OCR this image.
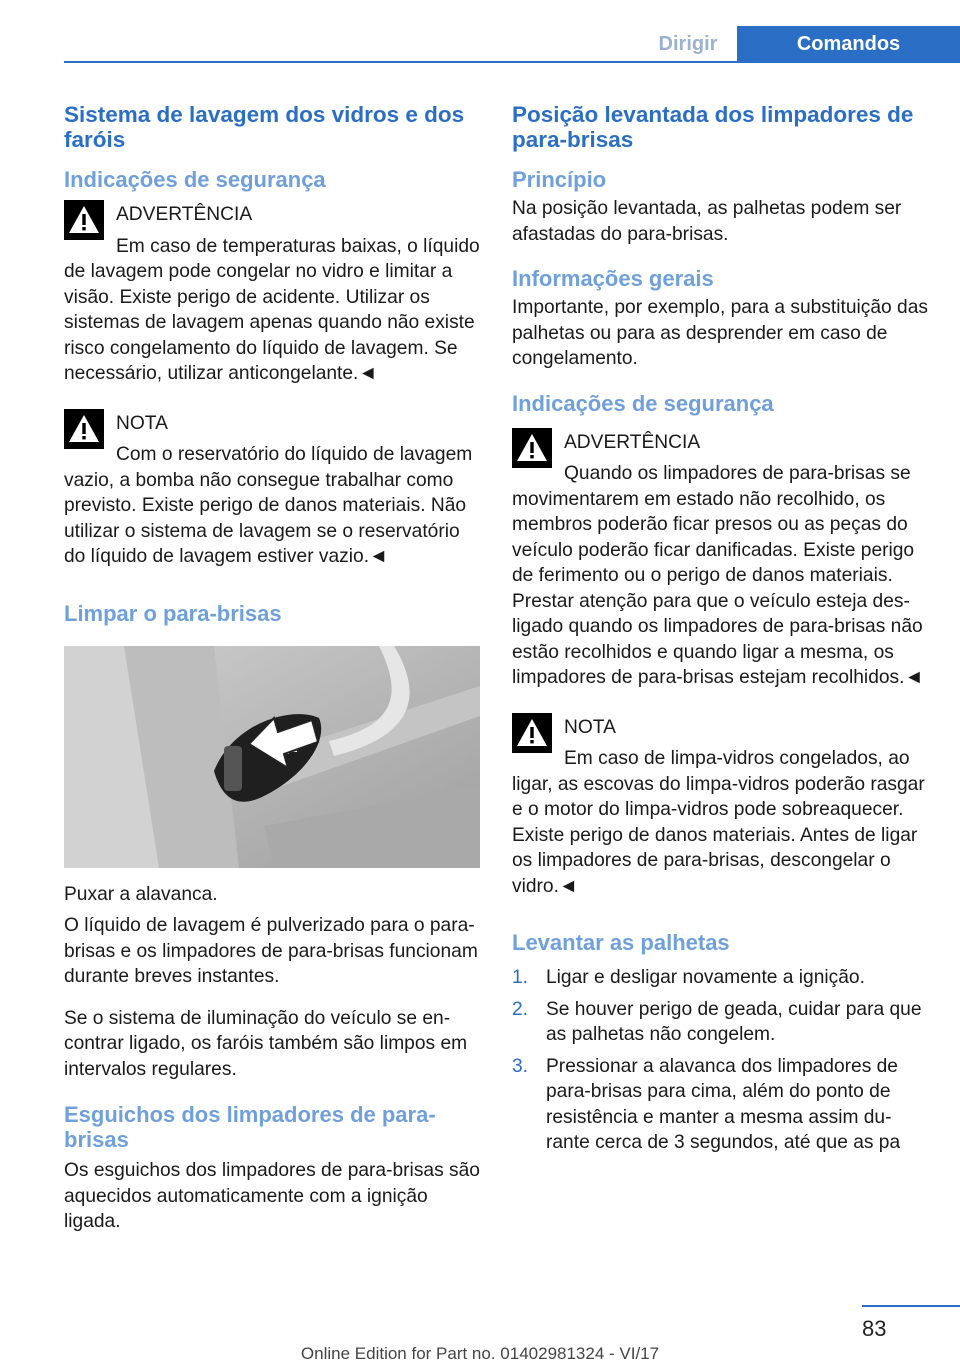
Dirigir	Comandos
Sistema de lavagem dos vidros e dos faróis
Indicações de segurança
ADVERTÊNCIA
Em caso de temperaturas baixas, o líquido de lavagem pode congelar no vidro e limitar a visão. Existe perigo de acidente. Utilizar os sistemas de lavagem apenas quando não existe risco congelamento do líquido de lavagem. Se necessário, utilizar anticongelante.◄
NOTA
Com o reservatório do líquido de lavagem vazio, a bomba não consegue trabalhar como previsto. Existe perigo de danos materiais. Não utilizar o sistema de lavagem se o reservatório do líquido de lavagem estiver vazio.◄
Limpar o para-brisas
Puxar a alavanca.
O líquido de lavagem é pulverizado para o para-brisas e os limpadores de para-brisas funcionam durante breves instantes.
Se o sistema de iluminação do veículo se encontrar ligado, os faróis também são limpos em intervalos regulares.
Esguichos dos limpadores de para-brisas
Os esguichos dos limpadores de para-brisas são aquecidos automaticamente com a ignição ligada.
Posição levantada dos limpadores de para-brisas
Princípio
Na posição levantada, as palhetas podem ser afastadas do para-brisas.
Informações gerais
Importante, por exemplo, para a substituição das palhetas ou para as desprender em caso de congelamento.
Indicações de segurança
ADVERTÊNCIA
Quando os limpadores de para-brisas se movimentarem em estado não recolhido, os membros poderão ficar presos ou as peças do veículo poderão ficar danificadas. Existe perigo de ferimento ou o perigo de danos materiais. Prestar atenção para que o veículo esteja desligado quando os limpadores de para-brisas não estão recolhidos e quando ligar a mesma, os limpadores de para-brisas estejam recolhidos.◄
NOTA
Em caso de limpa-vidros congelados, ao ligar, as escovas do limpa-vidros poderão rasgar e o motor do limpa-vidros pode sobreaquecer. Existe perigo de danos materiais. Antes de ligar os limpadores de para-brisas, descongelar o vidro.◄
Levantar as palhetas
1. Ligar e desligar novamente a ignição.
2. Se houver perigo de geada, cuidar para que as palhetas não congelem.
3. Pressionar a alavanca dos limpadores de para-brisas para cima, além do ponto de resistência e manter a mesma assim durante cerca de 3 segundos, até que as pa
83
Online Edition for Part no. 01402981324 - VI/17
